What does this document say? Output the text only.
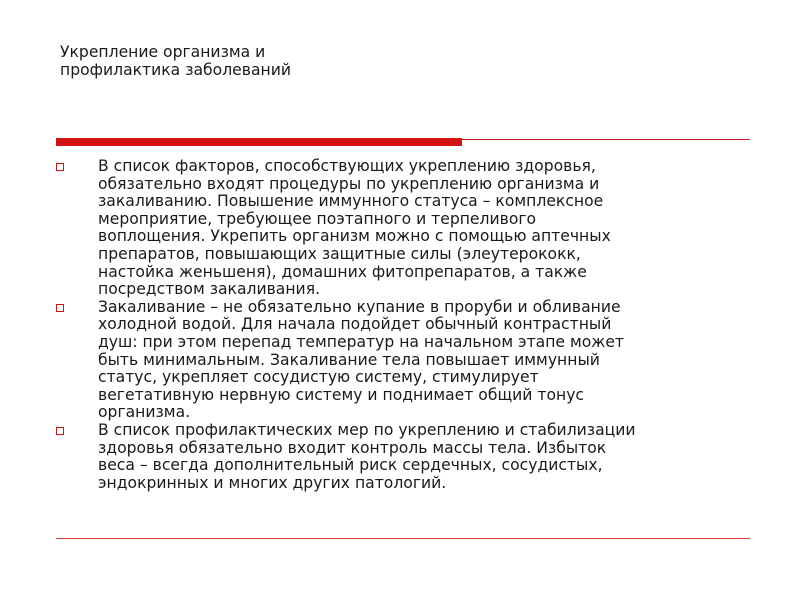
Укрепление организма и
профилактика заболеваний
В список факторов, способствующих укреплению здоровья,
обязательно входят процедуры по укреплению организма и
закаливанию. Повышение иммунного статуса – комплексное
мероприятие, требующее поэтапного и терпеливого
воплощения. Укрепить организм можно с помощью аптечных
препаратов, повышающих защитные силы (элеутерококк,
настойка женьшеня), домашних фитопрепаратов, а также
посредством закаливания.
Закаливание – не обязательно купание в проруби и обливание
холодной водой. Для начала подойдет обычный контрастный
душ: при этом перепад температур на начальном этапе может
быть минимальным. Закаливание тела повышает иммунный
статус, укрепляет сосудистую систему, стимулирует
вегетативную нервную систему и поднимает общий тонус
организма.
В список профилактических мер по укреплению и стабилизации
здоровья обязательно входит контроль массы тела. Избыток
веса – всегда дополнительный риск сердечных, сосудистых,
эндокринных и многих других патологий.
